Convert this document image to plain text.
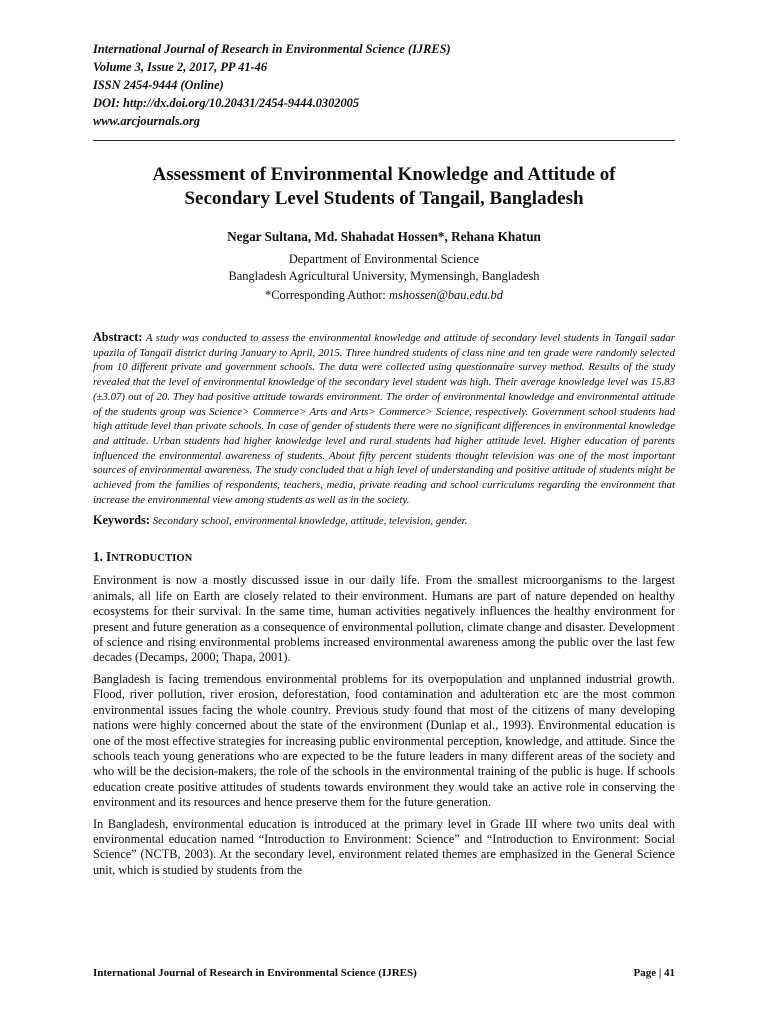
International Journal of Research in Environmental Science (IJRES)

Volume 3, Issue 2, 2017, PP 41-46

ISSN 2454-9444 (Online)

DOI: http://dx.doi.org/10.20431/2454-9444.0302005

www.arcjournals.org

Assessment of Environmental Knowledge and Attitude of
Secondary Level Students of Tangail, Bangladesh

Negar Sultana, Md. Shahadat Hossen*, Rehana Khatun

Department of Environmental Science
Bangladesh Agricultural University, Mymensingh, Bangladesh

*Corresponding Author: mshossen@bau.edu.bd

Abstract: A study was conducted to assess the environmental knowledge and attitude of secondary level students in Tangail sadar upazila of Tangail district during January to April, 2015. Three hundred students of class nine and ten grade were randomly selected from 10 different private and government schools. The data were collected using questionnaire survey method. Results of the study revealed that the level of environmental knowledge of the secondary level student was high. Their average knowledge level was 15.83 (±3.07) out of 20. They had positive attitude towards environment. The order of environmental knowledge and environmental attitude of the students group was Science> Commerce> Arts and Arts> Commerce> Science, respectively. Government school students had high attitude level than private schools. In case of gender of students there were no significant differences in environmental knowledge and attitude. Urban students had higher knowledge level and rural students had higher attitude level. Higher education of parents influenced the environmental awareness of students. About fifty percent students thought television was one of the most important sources of environmental awareness. The study concluded that a high level of understanding and positive attitude of students might be achieved from the families of respondents, teachers, media, private reading and school curriculums regarding the environment that increase the environmental view among students as well as in the society.

Keywords: Secondary school, environmental knowledge, attitude, television, gender.

1. INTRODUCTION

Environment is now a mostly discussed issue in our daily life. From the smallest microorganisms to the largest animals, all life on Earth are closely related to their environment. Humans are part of nature depended on healthy ecosystems for their survival. In the same time, human activities negatively influences the healthy environment for present and future generation as a consequence of environmental pollution, climate change and disaster. Development of science and rising environmental problems increased environmental awareness among the public over the last few decades (Decamps, 2000; Thapa, 2001).

Bangladesh is facing tremendous environmental problems for its overpopulation and unplanned industrial growth. Flood, river pollution, river erosion, deforestation, food contamination and adulteration etc are the most common environmental issues facing the whole country. Previous study found that most of the citizens of many developing nations were highly concerned about the state of the environment (Dunlap et al., 1993). Environmental education is one of the most effective strategies for increasing public environmental perception, knowledge, and attitude. Since the schools teach young generations who are expected to be the future leaders in many different areas of the society and who will be the decision-makers, the role of the schools in the environmental training of the public is huge. If schools education create positive attitudes of students towards environment they would take an active role in conserving the environment and its resources and hence preserve them for the future generation.

In Bangladesh, environmental education is introduced at the primary level in Grade III where two units deal with environmental education named “Introduction to Environment: Science” and “Introduction to Environment: Social Science” (NCTB, 2003). At the secondary level, environment related themes are emphasized in the General Science unit, which is studied by students from the

International Journal of Research in Environmental Science (IJRES)	Page | 41
